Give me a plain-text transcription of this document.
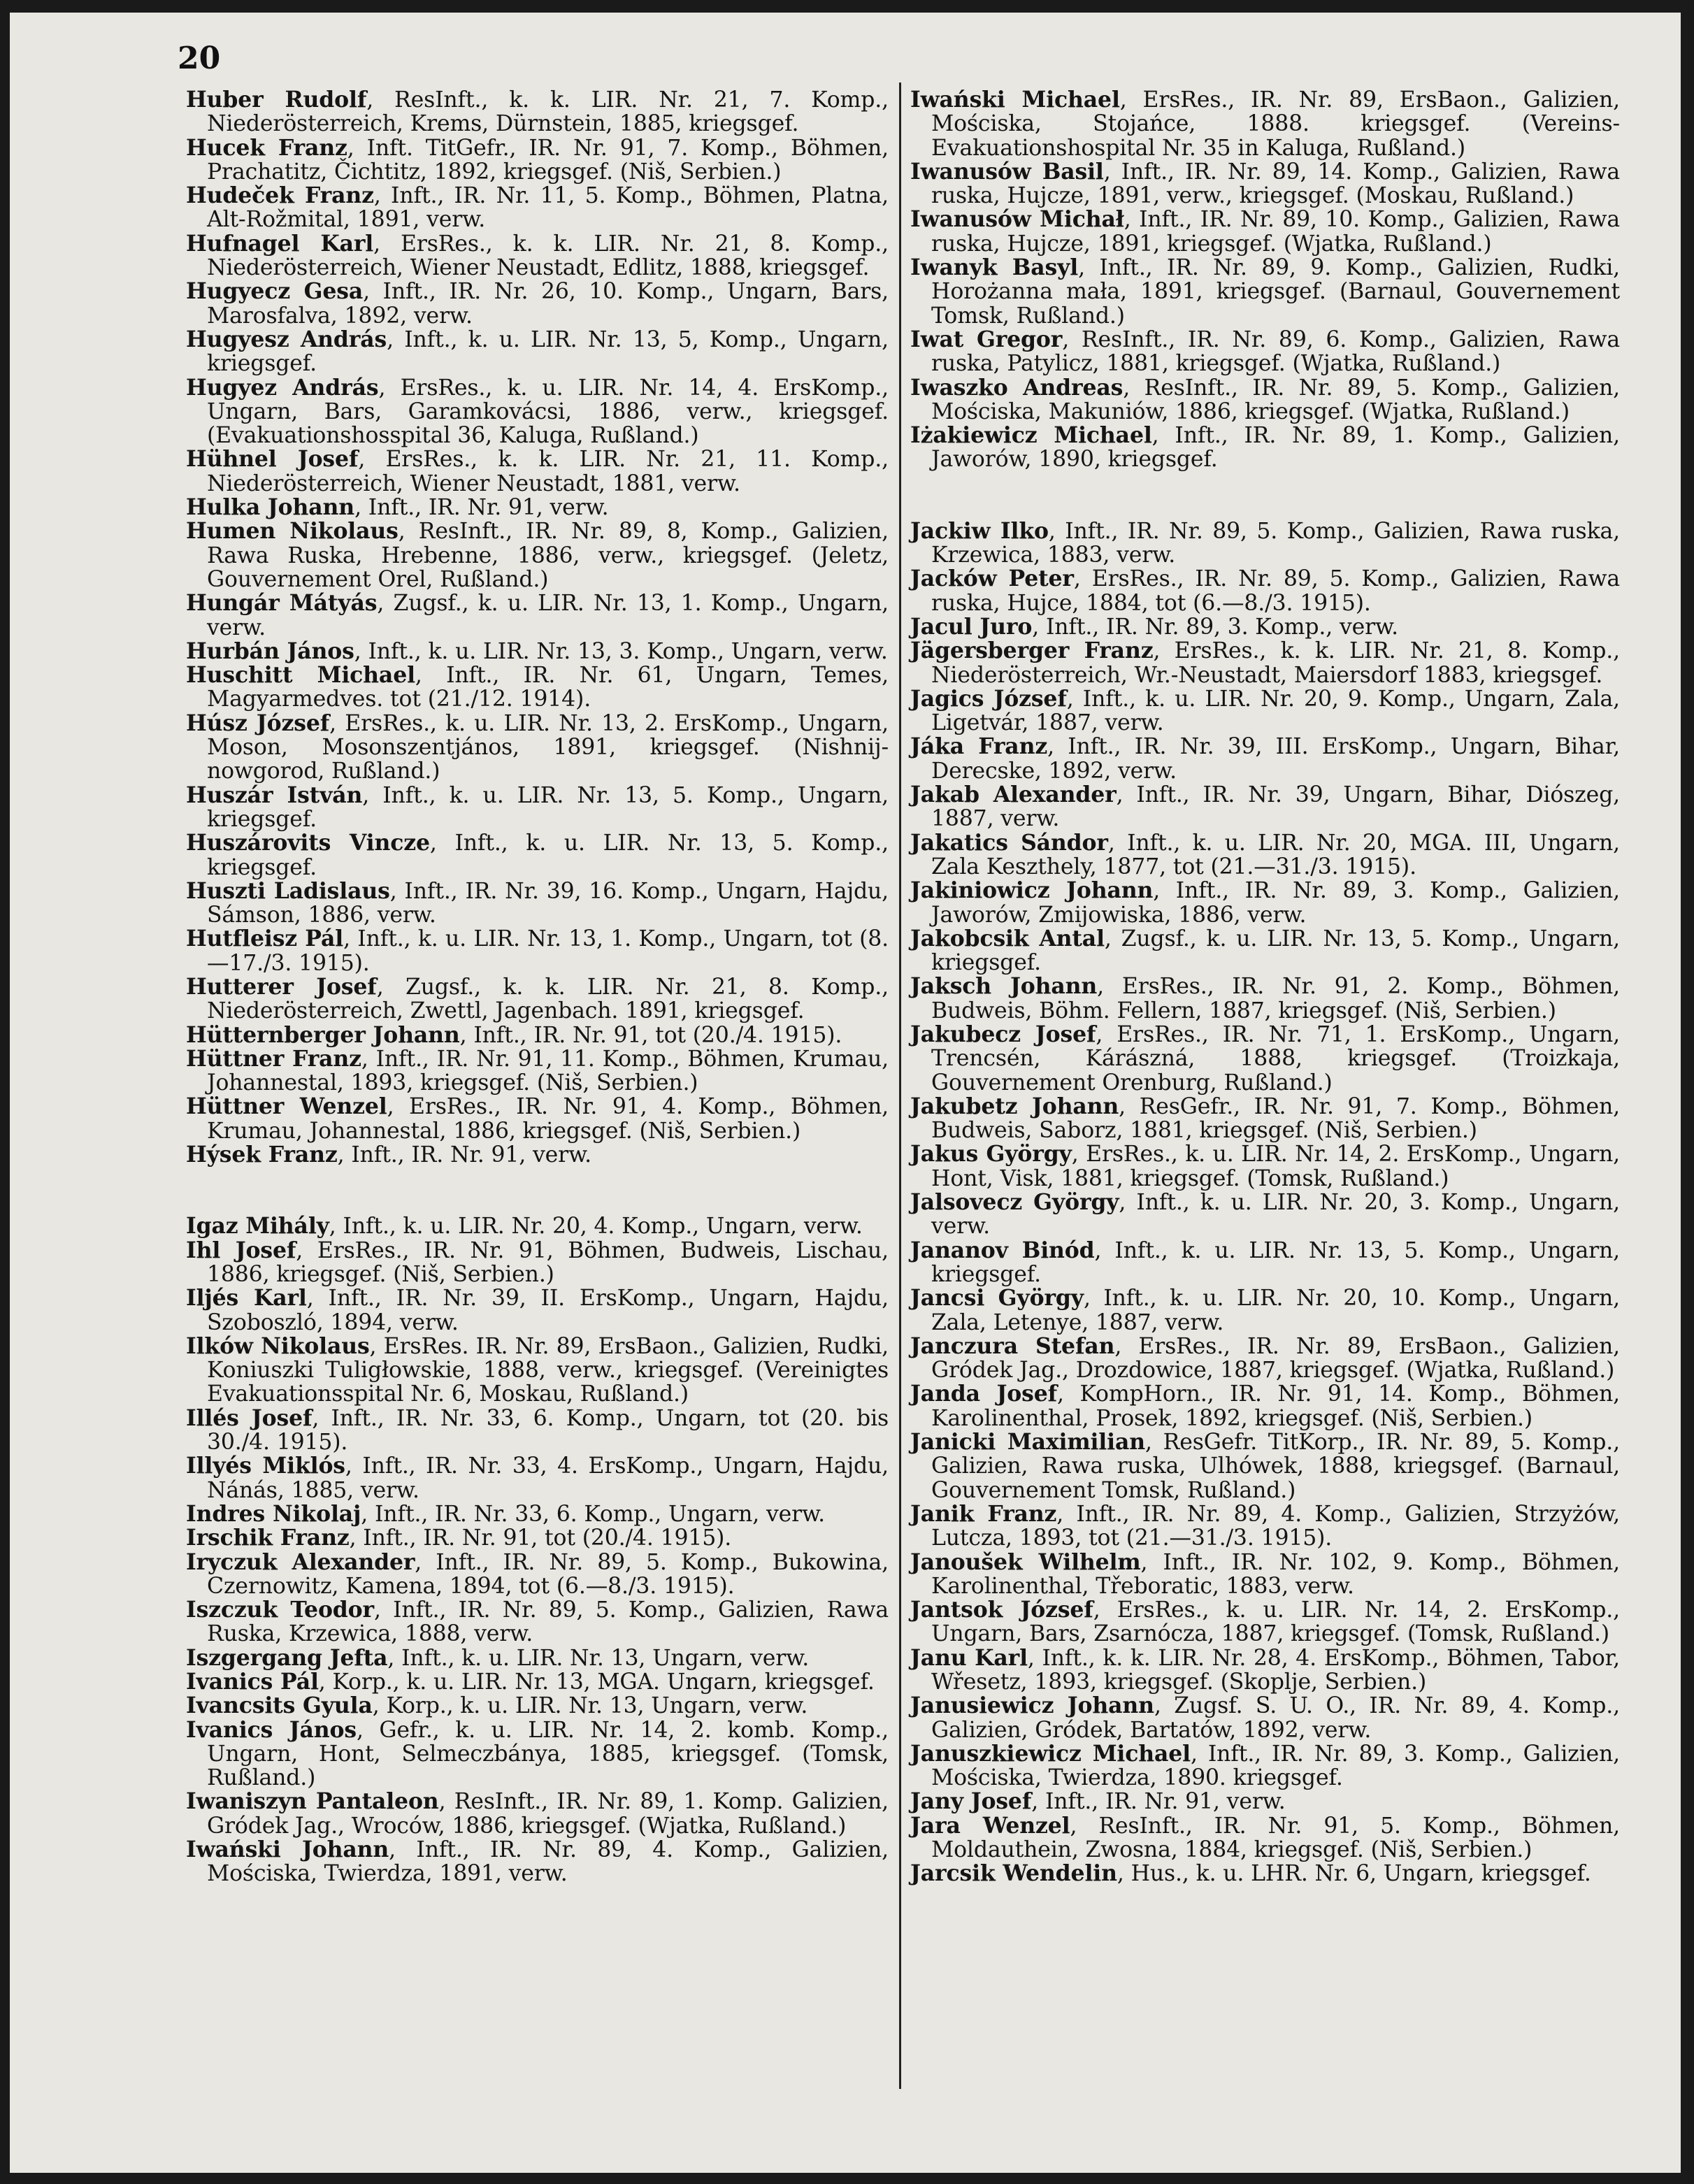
20

Huber Rudolf, ResInft., k. k. LIR. Nr. 21, 7. Komp., Niederösterreich, Krems, Dürnstein, 1885, kriegsgef.

Hucek Franz, Inft. TitGefr., IR. Nr. 91, 7. Komp., Böhmen, Prachatitz, Čichtitz, 1892, kriegsgef. (Niš, Serbien.)

Hudeček Franz, Inft., IR. Nr. 11, 5. Komp., Böhmen, Platna, Alt-Rožmital, 1891, verw.

Hufnagel Karl, ErsRes., k. k. LIR. Nr. 21, 8. Komp., Niederösterreich, Wiener Neustadt, Edlitz, 1888, kriegsgef.

Hugyecz Gesa, Inft., IR. Nr. 26, 10. Komp., Ungarn, Bars, Marosfalva, 1892, verw.

Hugyesz András, Inft., k. u. LIR. Nr. 13, 5, Komp., Ungarn, kriegsgef.

Hugyez András, ErsRes., k. u. LIR. Nr. 14, 4. ErsKomp., Ungarn, Bars, Garamkovácsi, 1886, verw., kriegsgef. (Evakuationshosspital 36, Kaluga, Rußland.)

Hühnel Josef, ErsRes., k. k. LIR. Nr. 21, 11. Komp., Niederösterreich, Wiener Neustadt, 1881, verw.

Hulka Johann, Inft., IR. Nr. 91, verw.

Humen Nikolaus, ResInft., IR. Nr. 89, 8, Komp., Galizien, Rawa Ruska, Hrebenne, 1886, verw., kriegsgef. (Jeletz, Gouvernement Orel, Rußland.)

Hungár Mátyás, Zugsf., k. u. LIR. Nr. 13, 1. Komp., Ungarn, verw.

Hurbán János, Inft., k. u. LIR. Nr. 13, 3. Komp., Ungarn, verw.

Huschitt Michael, Inft., IR. Nr. 61, Ungarn, Temes, Magyarmedves. tot (21./12. 1914).

Húsz József, ErsRes., k. u. LIR. Nr. 13, 2. ErsKomp., Ungarn, Moson, Mosonszentjános, 1891, kriegsgef. (Nishnij-nowgorod, Rußland.)

Huszár István, Inft., k. u. LIR. Nr. 13, 5. Komp., Ungarn, kriegsgef.

Huszárovits Vincze, Inft., k. u. LIR. Nr. 13, 5. Komp., kriegsgef.

Huszti Ladislaus, Inft., IR. Nr. 39, 16. Komp., Ungarn, Hajdu, Sámson, 1886, verw.

Hutfleisz Pál, Inft., k. u. LIR. Nr. 13, 1. Komp., Ungarn, tot (8.—17./3. 1915).

Hutterer Josef, Zugsf., k. k. LIR. Nr. 21, 8. Komp., Niederösterreich, Zwettl, Jagenbach. 1891, kriegsgef.

Hütternberger Johann, Inft., IR. Nr. 91, tot (20./4. 1915).

Hüttner Franz, Inft., IR. Nr. 91, 11. Komp., Böhmen, Krumau, Johannestal, 1893, kriegsgef. (Niš, Serbien.)

Hüttner Wenzel, ErsRes., IR. Nr. 91, 4. Komp., Böhmen, Krumau, Johannestal, 1886, kriegsgef. (Niš, Serbien.)

Hýsek Franz, Inft., IR. Nr. 91, verw.

Igaz Mihály, Inft., k. u. LIR. Nr. 20, 4. Komp., Ungarn, verw.

Ihl Josef, ErsRes., IR. Nr. 91, Böhmen, Budweis, Lischau, 1886, kriegsgef. (Niš, Serbien.)

Iljés Karl, Inft., IR. Nr. 39, II. ErsKomp., Ungarn, Hajdu, Szoboszló, 1894, verw.

Ilków Nikolaus, ErsRes. IR. Nr. 89, ErsBaon., Galizien, Rudki, Koniuszki Tuligłowskie, 1888, verw., kriegsgef. (Vereinigtes Evakuationsspital Nr. 6, Moskau, Rußland.)

Illés Josef, Inft., IR. Nr. 33, 6. Komp., Ungarn, tot (20. bis 30./4. 1915).

Illyés Miklós, Inft., IR. Nr. 33, 4. ErsKomp., Ungarn, Hajdu, Nánás, 1885, verw.

Indres Nikolaj, Inft., IR. Nr. 33, 6. Komp., Ungarn, verw.

Irschik Franz, Inft., IR. Nr. 91, tot (20./4. 1915).

Iryczuk Alexander, Inft., IR. Nr. 89, 5. Komp., Bukowina, Czernowitz, Kamena, 1894, tot (6.—8./3. 1915).

Iszczuk Teodor, Inft., IR. Nr. 89, 5. Komp., Galizien, Rawa Ruska, Krzewica, 1888, verw.

Iszgergang Jefta, Inft., k. u. LIR. Nr. 13, Ungarn, verw.

Ivanics Pál, Korp., k. u. LIR. Nr. 13, MGA. Ungarn, kriegsgef.

Ivancsits Gyula, Korp., k. u. LIR. Nr. 13, Ungarn, verw.

Ivanics János, Gefr., k. u. LIR. Nr. 14, 2. komb. Komp., Ungarn, Hont, Selmeczbánya, 1885, kriegsgef. (Tomsk, Rußland.)

Iwaniszyn Pantaleon, ResInft., IR. Nr. 89, 1. Komp. Galizien, Gródek Jag., Wroców, 1886, kriegsgef. (Wjatka, Rußland.)

Iwański Johann, Inft., IR. Nr. 89, 4. Komp., Galizien, Mościska, Twierdza, 1891, verw.

Iwański Michael, ErsRes., IR. Nr. 89, ErsBaon., Galizien, Mościska, Stojańce, 1888. kriegsgef. (Vereins-Evakuationshospital Nr. 35 in Kaluga, Rußland.)

Iwanusów Basil, Inft., IR. Nr. 89, 14. Komp., Galizien, Rawa ruska, Hujcze, 1891, verw., kriegsgef. (Moskau, Rußland.)

Iwanusów Michał, Inft., IR. Nr. 89, 10. Komp., Galizien, Rawa ruska, Hujcze, 1891, kriegsgef. (Wjatka, Rußland.)

Iwanyk Basyl, Inft., IR. Nr. 89, 9. Komp., Galizien, Rudki, Horożanna mała, 1891, kriegsgef. (Barnaul, Gouvernement Tomsk, Rußland.)

Iwat Gregor, ResInft., IR. Nr. 89, 6. Komp., Galizien, Rawa ruska, Patylicz, 1881, kriegsgef. (Wjatka, Rußland.)

Iwaszko Andreas, ResInft., IR. Nr. 89, 5. Komp., Galizien, Mościska, Makuniów, 1886, kriegsgef. (Wjatka, Rußland.)

Iżakiewicz Michael, Inft., IR. Nr. 89, 1. Komp., Galizien, Jaworów, 1890, kriegsgef.

Jackiw Ilko, Inft., IR. Nr. 89, 5. Komp., Galizien, Rawa ruska, Krzewica, 1883, verw.

Jacków Peter, ErsRes., IR. Nr. 89, 5. Komp., Galizien, Rawa ruska, Hujce, 1884, tot (6.—8./3. 1915).

Jacul Juro, Inft., IR. Nr. 89, 3. Komp., verw.

Jägersberger Franz, ErsRes., k. k. LIR. Nr. 21, 8. Komp., Niederösterreich, Wr.-Neustadt, Maiersdorf 1883, kriegsgef.

Jagics József, Inft., k. u. LIR. Nr. 20, 9. Komp., Ungarn, Zala, Ligetvár, 1887, verw.

Jáka Franz, Inft., IR. Nr. 39, III. ErsKomp., Ungarn, Bihar, Derecske, 1892, verw.

Jakab Alexander, Inft., IR. Nr. 39, Ungarn, Bihar, Diószeg, 1887, verw.

Jakatics Sándor, Inft., k. u. LIR. Nr. 20, MGA. III, Ungarn, Zala Keszthely, 1877, tot (21.—31./3. 1915).

Jakiniowicz Johann, Inft., IR. Nr. 89, 3. Komp., Galizien, Jaworów, Zmijowiska, 1886, verw.

Jakobcsik Antal, Zugsf., k. u. LIR. Nr. 13, 5. Komp., Ungarn, kriegsgef.

Jaksch Johann, ErsRes., IR. Nr. 91, 2. Komp., Böhmen, Budweis, Böhm. Fellern, 1887, kriegsgef. (Niš, Serbien.)

Jakubecz Josef, ErsRes., IR. Nr. 71, 1. ErsKomp., Ungarn, Trencsén, Kárászná, 1888, kriegsgef. (Troizkaja, Gouvernement Orenburg, Rußland.)

Jakubetz Johann, ResGefr., IR. Nr. 91, 7. Komp., Böhmen, Budweis, Saborz, 1881, kriegsgef. (Niš, Serbien.)

Jakus György, ErsRes., k. u. LIR. Nr. 14, 2. ErsKomp., Ungarn, Hont, Visk, 1881, kriegsgef. (Tomsk, Rußland.)

Jalsovecz György, Inft., k. u. LIR. Nr. 20, 3. Komp., Ungarn, verw.

Jananov Binód, Inft., k. u. LIR. Nr. 13, 5. Komp., Ungarn, kriegsgef.

Jancsi György, Inft., k. u. LIR. Nr. 20, 10. Komp., Ungarn, Zala, Letenye, 1887, verw.

Janczura Stefan, ErsRes., IR. Nr. 89, ErsBaon., Galizien, Gródek Jag., Drozdowice, 1887, kriegsgef. (Wjatka, Rußland.)

Janda Josef, KompHorn., IR. Nr. 91, 14. Komp., Böhmen, Karolinenthal, Prosek, 1892, kriegsgef. (Niš, Serbien.)

Janicki Maximilian, ResGefr. TitKorp., IR. Nr. 89, 5. Komp., Galizien, Rawa ruska, Ulhówek, 1888, kriegsgef. (Barnaul, Gouvernement Tomsk, Rußland.)

Janik Franz, Inft., IR. Nr. 89, 4. Komp., Galizien, Strzyżów, Lutcza, 1893, tot (21.—31./3. 1915).

Janoušek Wilhelm, Inft., IR. Nr. 102, 9. Komp., Böhmen, Karolinenthal, Třeboratic, 1883, verw.

Jantsok József, ErsRes., k. u. LIR. Nr. 14, 2. ErsKomp., Ungarn, Bars, Zsarnócza, 1887, kriegsgef. (Tomsk, Rußland.)

Janu Karl, Inft., k. k. LIR. Nr. 28, 4. ErsKomp., Böhmen, Tabor, Wřesetz, 1893, kriegsgef. (Skoplje, Serbien.)

Janusiewicz Johann, Zugsf. S. U. O., IR. Nr. 89, 4. Komp., Galizien, Gródek, Bartatów, 1892, verw.

Januszkiewicz Michael, Inft., IR. Nr. 89, 3. Komp., Galizien, Mościska, Twierdza, 1890. kriegsgef.

Jany Josef, Inft., IR. Nr. 91, verw.

Jara Wenzel, ResInft., IR. Nr. 91, 5. Komp., Böhmen, Moldauthein, Zwosna, 1884, kriegsgef. (Niš, Serbien.)

Jarcsik Wendelin, Hus., k. u. LHR. Nr. 6, Ungarn, kriegsgef.
